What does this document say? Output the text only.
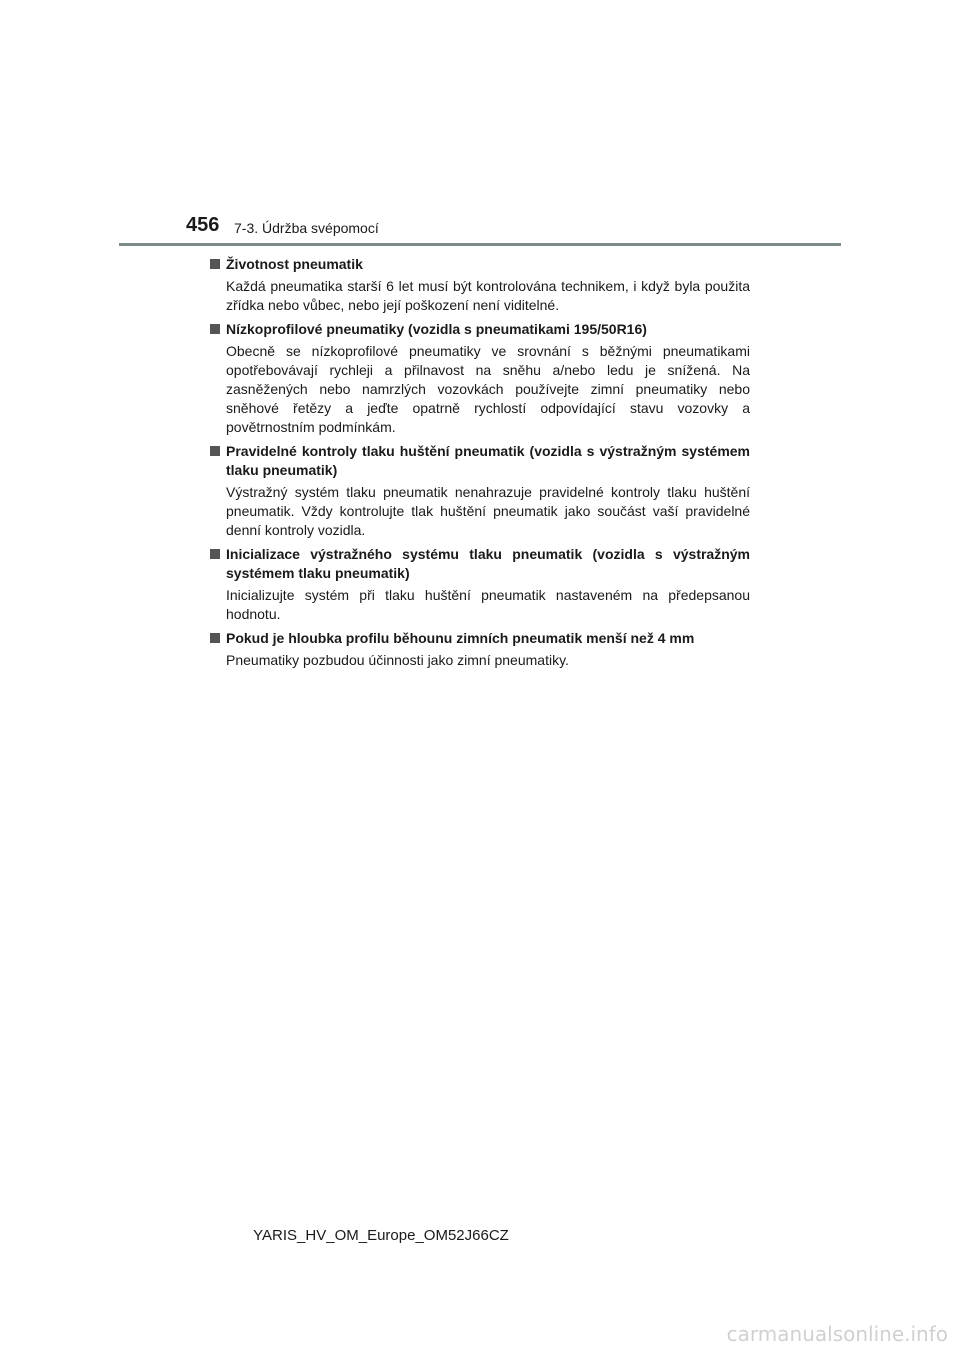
456 7-3. Údržba svépomocí
Životnost pneumatik
Každá pneumatika starší 6 let musí být kontrolována technikem, i když byla použita zřídka nebo vůbec, nebo její poškození není viditelné.
Nízkoprofilové pneumatiky (vozidla s pneumatikami 195/50R16)
Obecně se nízkoprofilové pneumatiky ve srovnání s běžnými pneumatikami opotřebovávají rychleji a přilnavost na sněhu a/nebo ledu je snížená. Na zasněžených nebo namrzlých vozovkách používejte zimní pneumatiky nebo sněhové řetězy a jeďte opatrně rychlostí odpovídající stavu vozovky a povětrnostním podmínkám.
Pravidelné kontroly tlaku huštění pneumatik (vozidla s výstražným systémem tlaku pneumatik)
Výstražný systém tlaku pneumatik nenahrazuje pravidelné kontroly tlaku huštění pneumatik. Vždy kontrolujte tlak huštění pneumatik jako součást vaší pravidelné denní kontroly vozidla.
Inicializace výstražného systému tlaku pneumatik (vozidla s výstražným systémem tlaku pneumatik)
Inicializujte systém při tlaku huštění pneumatik nastaveném na předepsanou hodnotu.
Pokud je hloubka profilu běhounu zimních pneumatik menší než 4 mm
Pneumatiky pozbudou účinnosti jako zimní pneumatiky.
YARIS_HV_OM_Europe_OM52J66CZ
carmanualsonline.info
